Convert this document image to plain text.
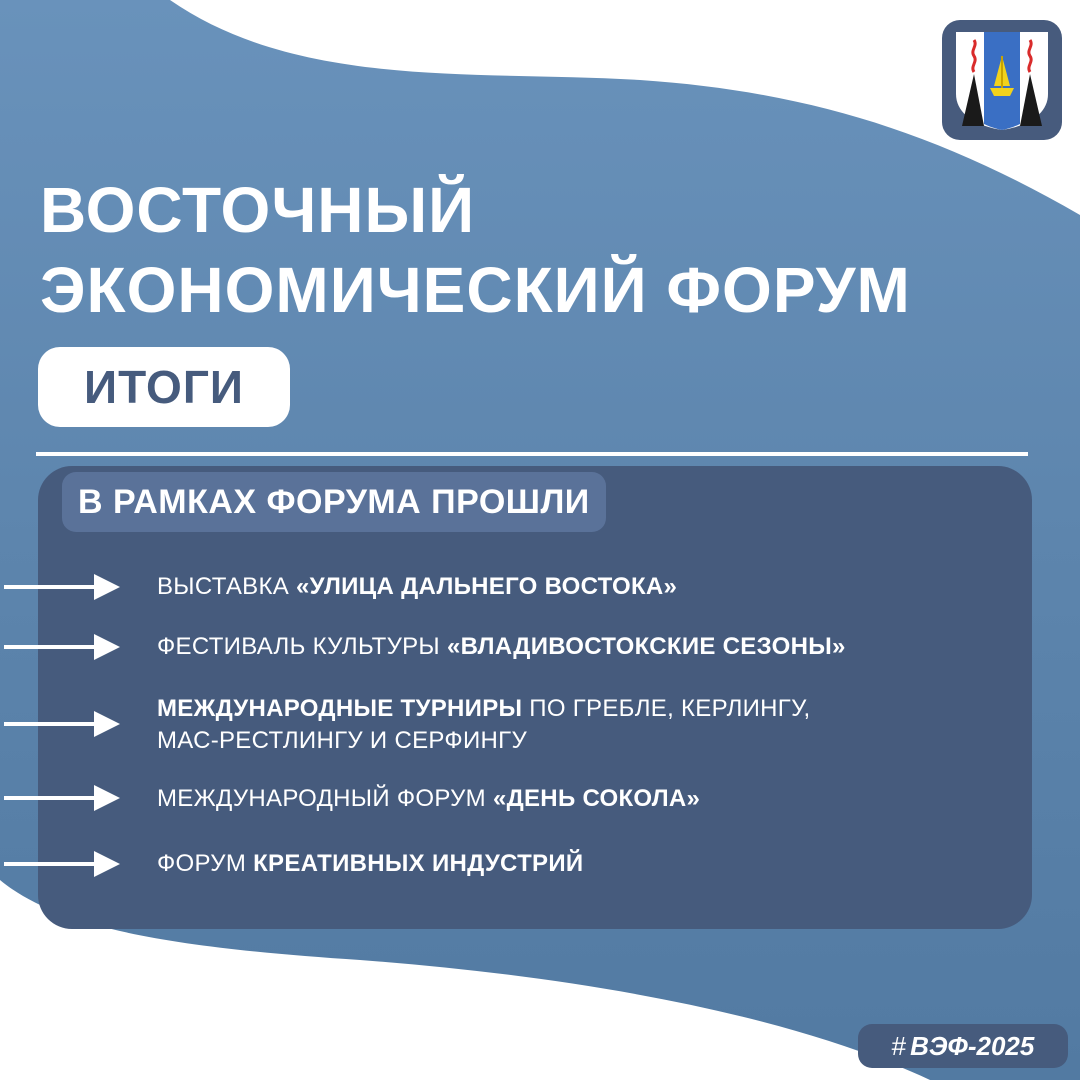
ВОСТОЧНЫЙ
ЭКОНОМИЧЕСКИЙ ФОРУМ
ИТОГИ
В РАМКАХ ФОРУМА ПРОШЛИ
ВЫСТАВКА «УЛИЦА ДАЛЬНЕГО ВОСТОКА»
ФЕСТИВАЛЬ КУЛЬТУРЫ «ВЛАДИВОСТОКСКИЕ СЕЗОНЫ»
МЕЖДУНАРОДНЫЕ ТУРНИРЫ ПО ГРЕБЛЕ, КЕРЛИНГУ,
МАС-РЕСТЛИНГУ И СЕРФИНГУ
МЕЖДУНАРОДНЫЙ ФОРУМ «ДЕНЬ СОКОЛА»
ФОРУМ КРЕАТИВНЫХ ИНДУСТРИЙ
# ВЭФ-2025
